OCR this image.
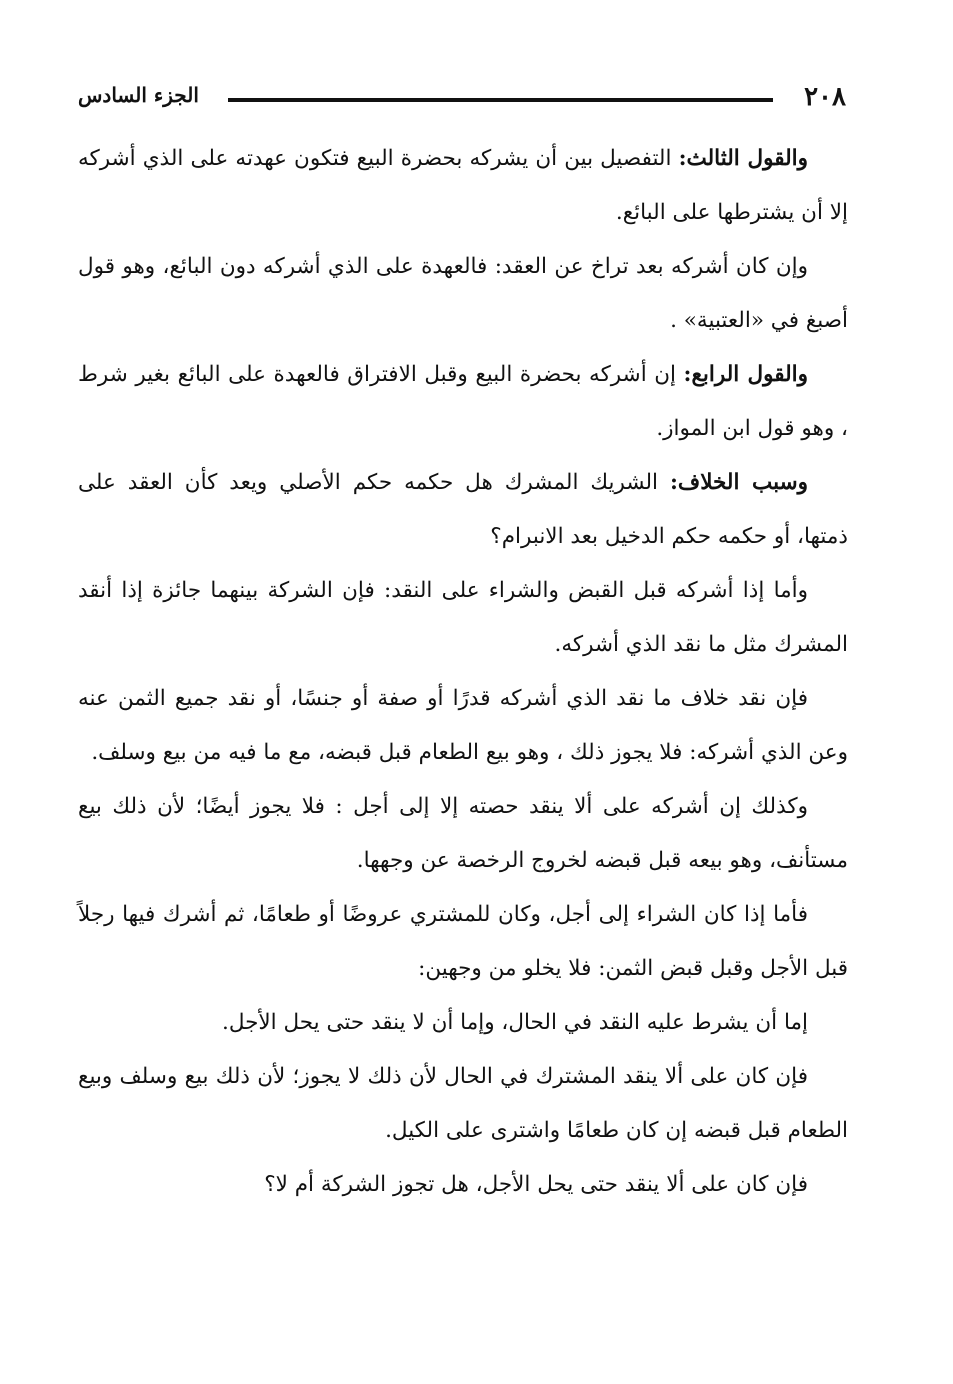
٢٠٨
الجزء السادس

والقول الثالث: التفصيل بين أن يشركه بحضرة البيع فتكون عهدته على الذي أشركه إلا أن يشترطها على البائع.

وإن كان أشركه بعد تراخ عن العقد: فالعهدة على الذي أشركه دون البائع، وهو قول أصبغ في «العتبية» .

والقول الرابع: إن أشركه بحضرة البيع وقبل الافتراق فالعهدة على البائع بغير شرط ، وهو قول ابن المواز.

وسبب الخلاف: الشريك المشرك هل حكمه حكم الأصلي ويعد كأن العقد على ذمتها، أو حكمه حكم الدخيل بعد الانبرام؟

وأما إذا أشركه قبل القبض والشراء على النقد: فإن الشركة بينهما جائزة إذا أنقد المشرك مثل ما نقد الذي أشركه.

فإن نقد خلاف ما نقد الذي أشركه قدرًا أو صفة أو جنسًا، أو نقد جميع الثمن عنه وعن الذي أشركه: فلا يجوز ذلك ، وهو بيع الطعام قبل قبضه، مع ما فيه من بيع وسلف.

وكذلك إن أشركه على ألا ينقد حصته إلا إلى أجل : فلا يجوز أيضًا؛ لأن ذلك بيع مستأنف، وهو بيعه قبل قبضه لخروج الرخصة عن وجهها.

فأما إذا كان الشراء إلى أجل، وكان للمشتري عروضًا أو طعامًا، ثم أشرك فيها رجلاً قبل الأجل وقبل قبض الثمن: فلا يخلو من وجهين:

إما أن يشرط عليه النقد في الحال، وإما أن لا ينقد حتى يحل الأجل.

فإن كان على ألا ينقد المشترك في الحال لأن ذلك لا يجوز؛ لأن ذلك بيع وسلف وبيع الطعام قبل قبضه إن كان طعامًا واشترى على الكيل.

فإن كان على ألا ينقد حتى يحل الأجل، هل تجوز الشركة أم لا؟
